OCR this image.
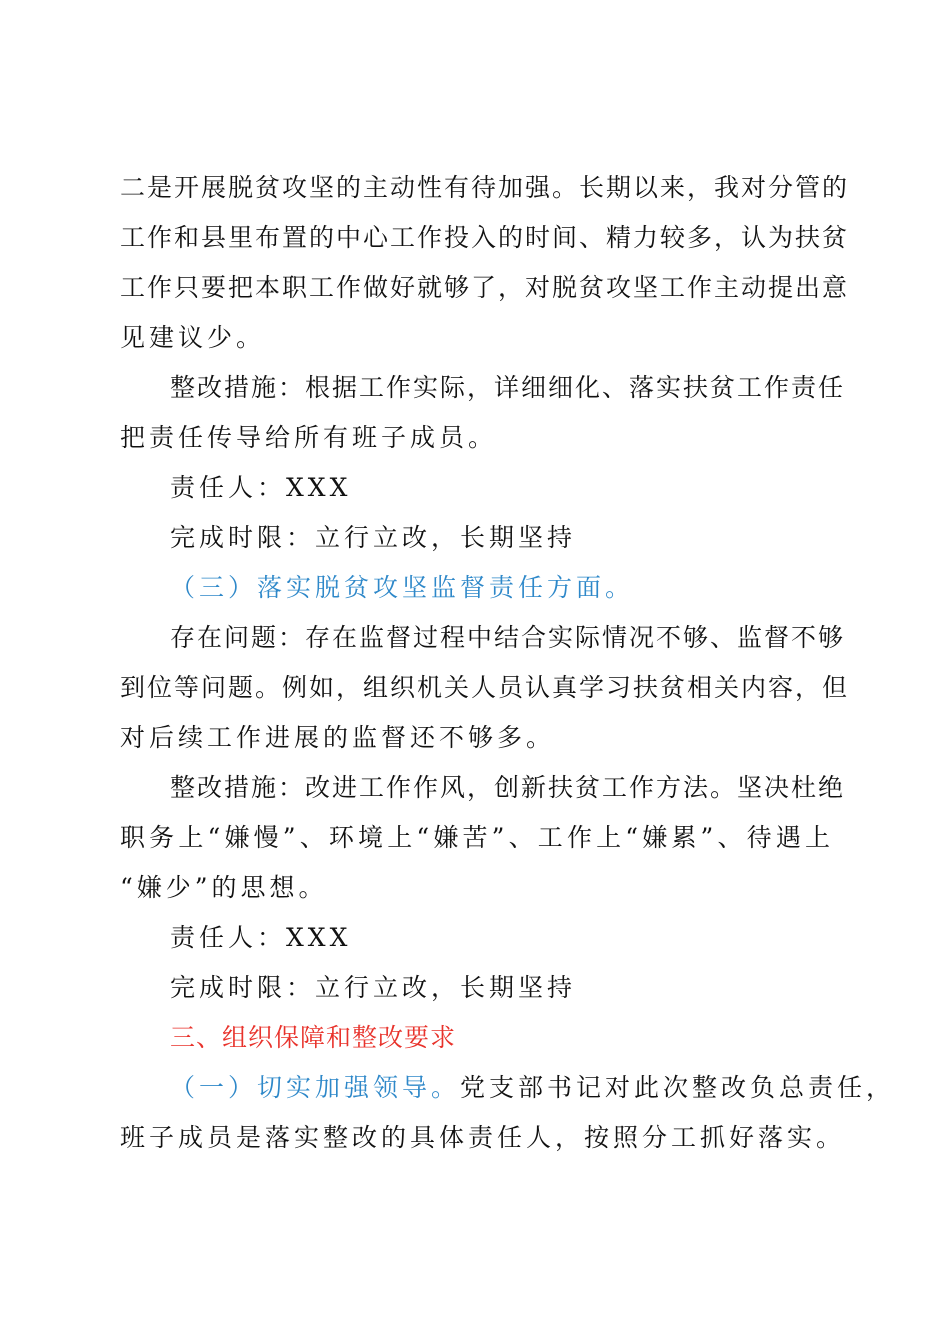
二是开展脱贫攻坚的主动性有待加强。长期以来，我对分管的
工作和县里布置的中心工作投入的时间、精力较多，认为扶贫
工作只要把本职工作做好就够了，对脱贫攻坚工作主动提出意
见建议少。
整改措施：根据工作实际，详细细化、落实扶贫工作责任
把责任传导给所有班子成员。
责任人：XXX
完成时限：立行立改，长期坚持
（三）落实脱贫攻坚监督责任方面。
存在问题：存在监督过程中结合实际情况不够、监督不够
到位等问题。例如，组织机关人员认真学习扶贫相关内容，但
对后续工作进展的监督还不够多。
整改措施：改进工作作风，创新扶贫工作方法。坚决杜绝
职务上“嫌慢”、环境上“嫌苦”、工作上“嫌累”、待遇上
“嫌少”的思想。
责任人：XXX
完成时限：立行立改，长期坚持
三、组织保障和整改要求
（一）切实加强领导。党支部书记对此次整改负总责任，
班子成员是落实整改的具体责任人，按照分工抓好落实。
